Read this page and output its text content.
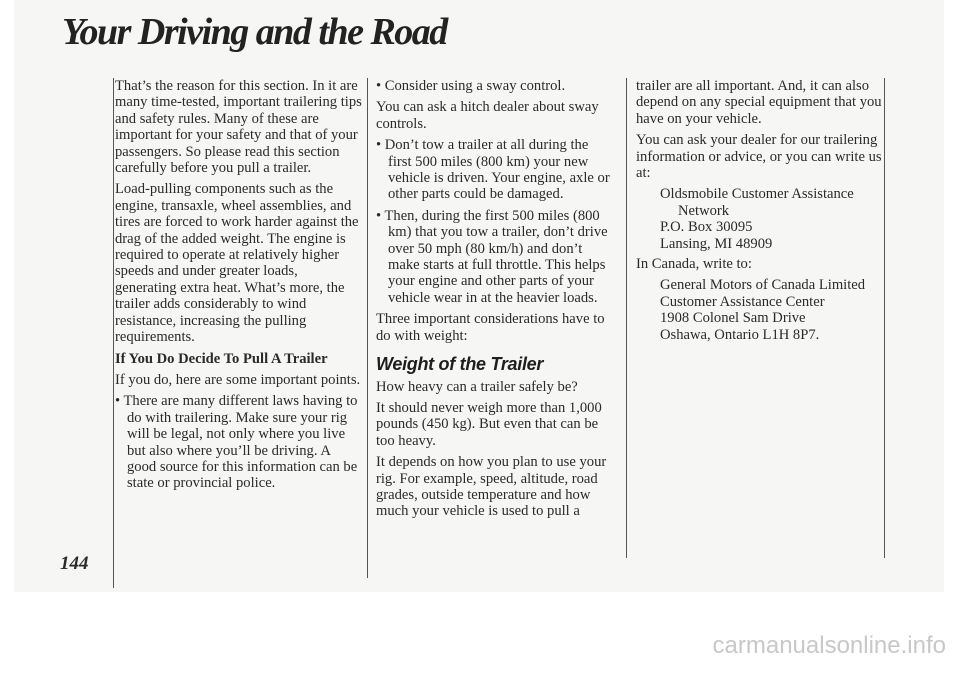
Your Driving and the Road

That’s the reason for this section. In it are many time-tested, important trailering tips and safety rules. Many of these are important for your safety and that of your passengers. So please read this section carefully before you pull a trailer.

Load-pulling components such as the engine, transaxle, wheel assemblies, and tires are forced to work harder against the drag of the added weight. The engine is required to operate at relatively higher speeds and under greater loads, generating extra heat. What’s more, the trailer adds considerably to wind resistance, increasing the pulling requirements.

If You Do Decide To Pull A Trailer

If you do, here are some important points.

• There are many different laws having to do with trailering. Make sure your rig will be legal, not only where you live but also where you’ll be driving. A good source for this information can be state or provincial police.

• Consider using a sway control.

You can ask a hitch dealer about sway controls.

• Don’t tow a trailer at all during the first 500 miles (800 km) your new vehicle is driven. Your engine, axle or other parts could be damaged.

• Then, during the first 500 miles (800 km) that you tow a trailer, don’t drive over 50 mph (80 km/h) and don’t make starts at full throttle. This helps your engine and other parts of your vehicle wear in at the heavier loads.

Three important considerations have to do with weight:

Weight of the Trailer

How heavy can a trailer safely be?

It should never weigh more than 1,000 pounds (450 kg). But even that can be too heavy.

It depends on how you plan to use your rig. For example, speed, altitude, road grades, outside temperature and how much your vehicle is used to pull a

trailer are all important. And, it can also depend on any special equipment that you have on your vehicle.

You can ask your dealer for our trailering information or advice, or you can write us at:

Oldsmobile Customer Assistance
Network
P.O. Box 30095
Lansing, MI 48909

In Canada, write to:

General Motors of Canada Limited
Customer Assistance Center
1908 Colonel Sam Drive
Oshawa, Ontario L1H 8P7.
144
carmanualsonline.info
